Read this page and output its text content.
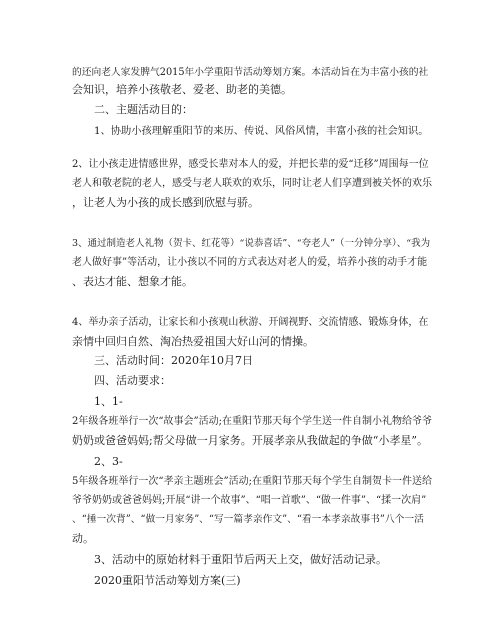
的还向老人家发脾气2015年小学重阳节活动筹划方案。本活动旨在为丰富小孩的社
会知识，培养小孩敬老、爱老、助老的美德。
二、主题活动目的：
1、协助小孩理解重阳节的来历、传说、风俗风情，丰富小孩的社会知识。
2、让小孩走进情感世界，感受长辈对本人的爱，并把长辈的爱“迁移”周围每一位
老人和敬老院的老人，感受与老人联欢的欢乐，同时让老人们享遭到被关怀的欢乐
，让老人为小孩的成长感到欣慰与骄。
3、通过制造老人礼物（贺卡、红花等）“说恭喜话”、“夸老人”（一分钟分享）、“我为
老人做好事”等活动，让小孩以不同的方式表达对老人的爱，培养小孩的动手才能
、表达才能、想象才能。
4、举办亲子活动，让家长和小孩观山秋游、开阔视野、交流情感、锻炼身体，在
亲情中回归自然、淘冶热爱祖国大好山河的情操。
三、活动时间：2020年10月7日
四、活动要求：
1、1-
2年级各班举行一次“故事会”活动;在重阳节那天每个学生送一件自制小礼物给爷爷
奶奶或爸爸妈妈;帮父母做一月家务。开展孝亲从我做起的争做“小孝星”。
2、3-
5年级各班举行一次“孝亲主题班会”活动;在重阳节那天每个学生自制贺卡一件送给
爷爷奶奶或爸爸妈妈;开展“讲一个故事”、“唱一首歌”、“做一件事”、“揉一次肩”
、“捶一次背”、“做一月家务”、“写一篇孝亲作文”、“看一本孝亲故事书”八个一活
动。
3、活动中的原始材料于重阳节后两天上交，做好活动记录。
2020重阳节活动筹划方案(三)
